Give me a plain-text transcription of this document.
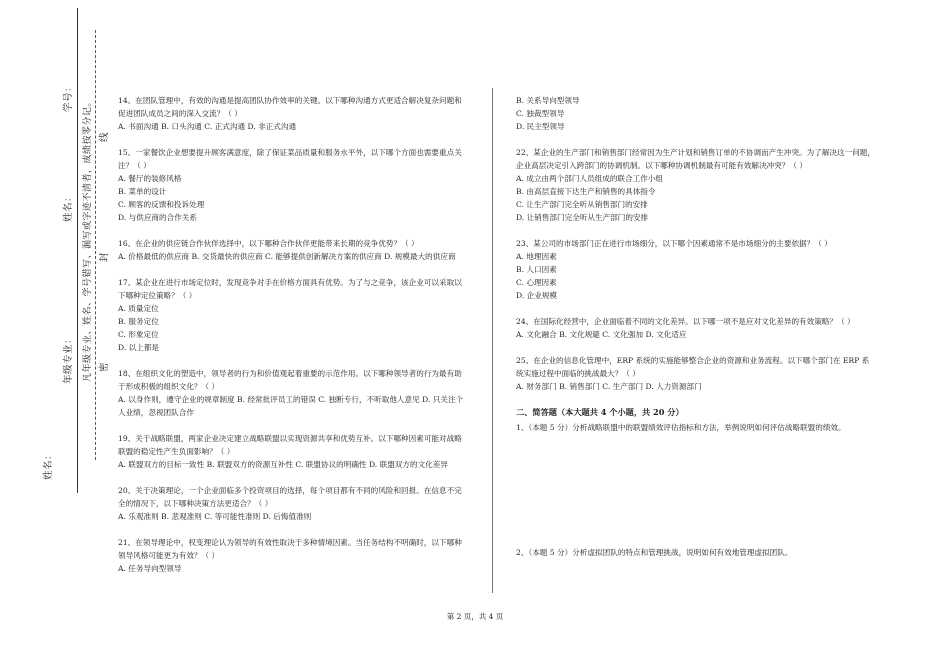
姓名：
年级专业：
姓名：
学号：	凡年级专业、姓名、学号错写、漏写或字迹不清者，成绩按零分记。 密
封
线

14、在团队管理中，有效的沟通是提高团队协作效率的关键。以下哪种沟通方式更适合解决复杂问题和促进团队成员之间的深入交流？（ ）

A. 书面沟通 B. 口头沟通 C. 正式沟通 D. 非正式沟通

15、一家餐饮企业想要提升顾客满意度，除了保证菜品质量和服务水平外，以下哪个方面也需要重点关注？（ ）

A. 餐厅的装修风格

B. 菜单的设计

C. 顾客的反馈和投诉处理

D. 与供应商的合作关系

16、在企业的供应链合作伙伴选择中，以下哪种合作伙伴更能带来长期的竞争优势？（ ）

A. 价格最低的供应商 B. 交货最快的供应商 C. 能够提供创新解决方案的供应商 D. 规模最大的供应商

17、某企业在进行市场定位时，发现竞争对手在价格方面具有优势。为了与之竞争，该企业可以采取以下哪种定位策略？（ ）

A. 质量定位

B. 服务定位

C. 形象定位

D. 以上都是

18、在组织文化的塑造中，领导者的行为和价值观起着重要的示范作用。以下哪种领导者的行为最有助于形成积极的组织文化？（ ）

A. 以身作则，遵守企业的规章制度 B. 经常批评员工的错误 C. 独断专行，不听取他人意见 D. 只关注个人业绩，忽视团队合作

19、关于战略联盟，两家企业决定建立战略联盟以实现资源共享和优势互补。以下哪种因素可能对战略联盟的稳定性产生负面影响？（ ）

A. 联盟双方的目标一致性 B. 联盟双方的资源互补性 C. 联盟协议的明确性 D. 联盟双方的文化差异

20、关于决策理论，一个企业面临多个投资项目的选择，每个项目都有不同的风险和回报。在信息不完全的情况下，以下哪种决策方法更适合？（ ）

A. 乐观准则 B. 悲观准则 C. 等可能性准则 D. 后悔值准则

21、在领导理论中，权变理论认为领导的有效性取决于多种情境因素。当任务结构不明确时，以下哪种领导风格可能更为有效？（ ）

A. 任务导向型领导

B. 关系导向型领导

C. 独裁型领导

D. 民主型领导

22、某企业的生产部门和销售部门经常因为生产计划和销售订单的不协调而产生冲突。为了解决这一问题，企业高层决定引入跨部门的协调机制。以下哪种协调机制最有可能有效解决冲突？（ ）

A. 成立由两个部门人员组成的联合工作小组

B. 由高层直接下达生产和销售的具体指令

C. 让生产部门完全听从销售部门的安排

D. 让销售部门完全听从生产部门的安排

23、某公司的市场部门正在进行市场细分，以下哪个因素通常不是市场细分的主要依据？（ ）

A. 地理因素

B. 人口因素

C. 心理因素

D. 企业规模

24、在国际化经营中，企业面临着不同的文化差异。以下哪一项不是应对文化差异的有效策略？（ ）

A. 文化融合 B. 文化规避 C. 文化强加 D. 文化适应

25、在企业的信息化管理中，ERP 系统的实施能够整合企业的资源和业务流程。以下哪个部门在 ERP 系统实施过程中面临的挑战最大？（ ）

A. 财务部门 B. 销售部门 C. 生产部门 D. 人力资源部门

二、简答题（本大题共 4 个小题，共 20 分）

1、（本题 5 分）分析战略联盟中的联盟绩效评估指标和方法，举例说明如何评估战略联盟的绩效。

2、（本题 5 分）分析虚拟团队的特点和管理挑战，说明如何有效地管理虚拟团队。

第 2 页，共 4 页
